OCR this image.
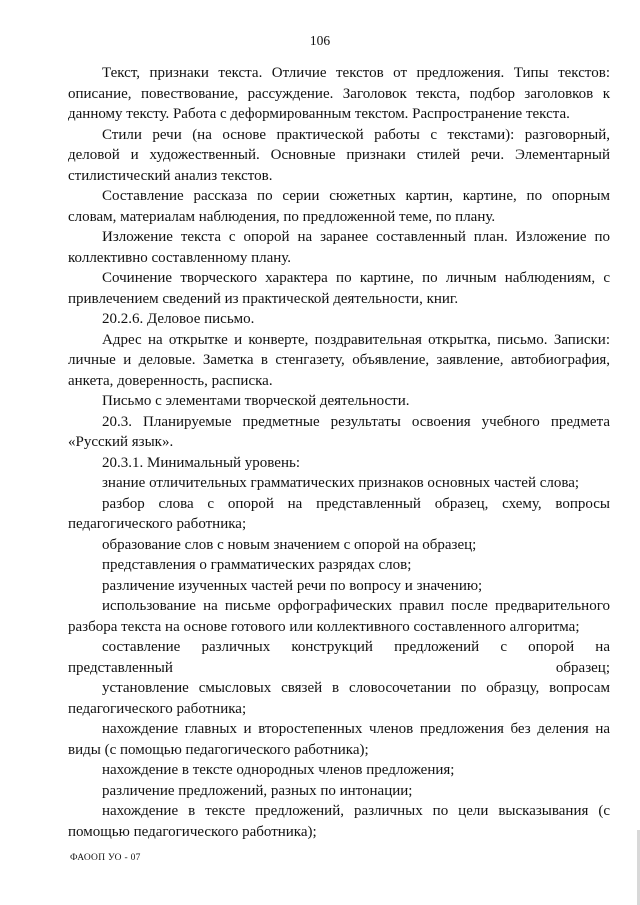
106

Текст, признаки текста. Отличие текстов от предложения. Типы текстов: описание, повествование, рассуждение. Заголовок текста, подбор заголовков к данному тексту. Работа с деформированным текстом. Распространение текста.

Стили речи (на основе практической работы с текстами): разговорный, деловой и художественный. Основные признаки стилей речи. Элементарный стилистический анализ текстов.

Составление рассказа по серии сюжетных картин, картине, по опорным словам, материалам наблюдения, по предложенной теме, по плану.

Изложение текста с опорой на заранее составленный план. Изложение по коллективно составленному плану.

Сочинение творческого характера по картине, по личным наблюдениям, с привлечением сведений из практической деятельности, книг.

20.2.6. Деловое письмо.

Адрес на открытке и конверте, поздравительная открытка, письмо. Записки: личные и деловые. Заметка в стенгазету, объявление, заявление, автобиография, анкета, доверенность, расписка.

Письмо с элементами творческой деятельности.

20.3. Планируемые предметные результаты освоения учебного предмета «Русский язык».

20.3.1. Минимальный уровень:

знание отличительных грамматических признаков основных частей слова;

разбор слова с опорой на представленный образец, схему, вопросы педагогического работника;

образование слов с новым значением с опорой на образец;

представления о грамматических разрядах слов;

различение изученных частей речи по вопросу и значению;

использование на письме орфографических правил после предварительного разбора текста на основе готового или коллективного составленного алгоритма;

составление различных конструкций предложений с опорой на представленный образец;

установление смысловых связей в словосочетании по образцу, вопросам педагогического работника;

нахождение главных и второстепенных членов предложения без деления на виды (с помощью педагогического работника);

нахождение в тексте однородных членов предложения;

различение предложений, разных по интонации;

нахождение в тексте предложений, различных по цели высказывания (с помощью педагогического работника);

ФАООП УО - 07
